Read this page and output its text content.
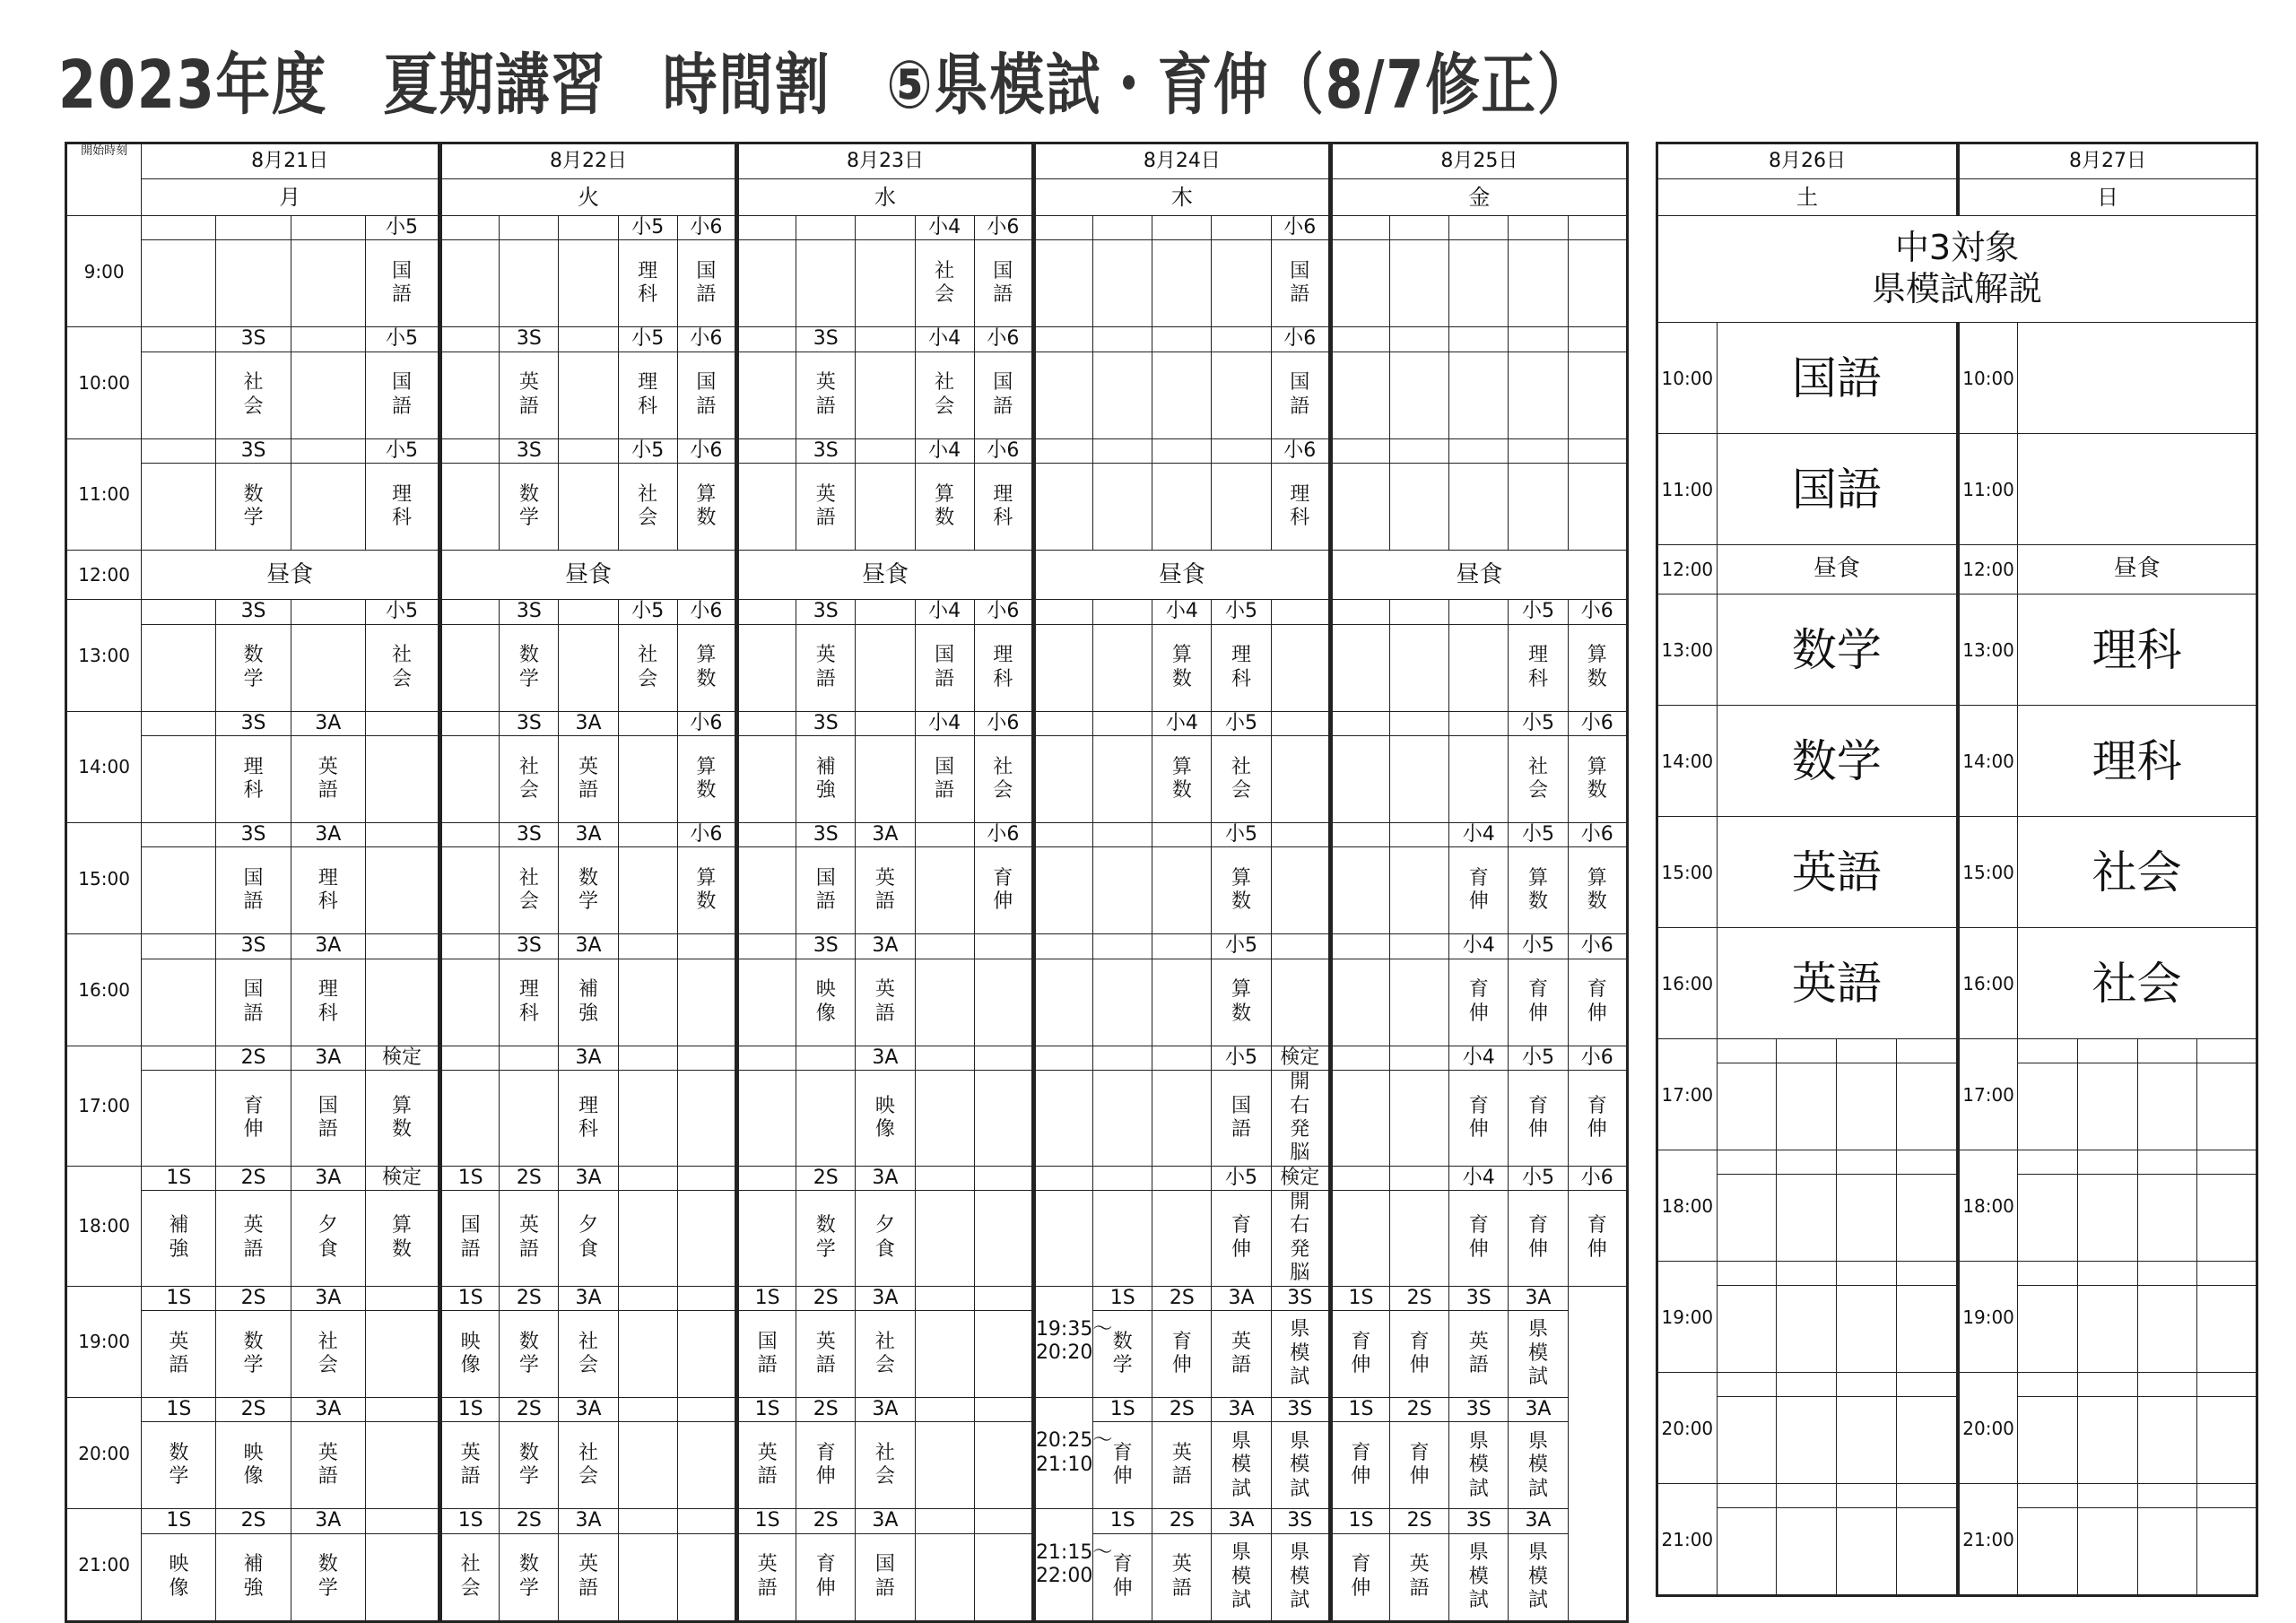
2023年度　夏期講習　時間割　⑤県模試・育伸（8/7修正）
開始時刻	8月21日				8月22日					8月23日					8月24日					8月25日				
	月				火					水					木					金				
9:00				小5				小5	小6				小4	小6					小6					
				国語				理科	国語				社会	国語					国語					
10:00		3S		小5		3S		小5	小6		3S		小4	小6					小6					
		社会		国語		英語		理科	国語		英語		社会	国語					国語					
11:00		3S		小5		3S		小5	小6		3S		小4	小6					小6					
		数学		理科		数学		社会	算数		英語		算数	理科					理科					
12:00	昼食				昼食					昼食					昼食					昼食				
13:00		3S		小5		3S		小5	小6		3S		小4	小6			小4	小5					小5	小6
		数学		社会		数学		社会	算数		英語		国語	理科			算数	理科					理科	算数
14:00		3S	3A			3S	3A		小6		3S		小4	小6			小4	小5					小5	小6
		理科	英語			社会	英語		算数		補強		国語	社会			算数	社会					社会	算数
15:00		3S	3A			3S	3A		小6		3S	3A		小6				小5				小4	小5	小6
		国語	理科			社会	数学		算数		国語	英語		育伸				算数				育伸	算数	算数
16:00		3S	3A			3S	3A				3S	3A						小5				小4	小5	小6
		国語	理科			理科	補強				映像	英語						算数				育伸	育伸	育伸
17:00		2S	3A	検定			3A					3A						小5	検定			小4	小5	小6
		育伸	国語	算数			理科					映像						国語	開右発脳			育伸	育伸	育伸
18:00	1S	2S	3A	検定	1S	2S	3A				2S	3A						小5	検定			小4	小5	小6
	補強	英語	夕食	算数	国語	英語	夕食				数学	夕食						育伸	開右発脳			育伸	育伸	育伸
19:00	1S	2S	3A		1S	2S	3A			1S	2S	3A			19:35〜20:20	1S	2S	3A	3S	1S	2S	3S	3A	
	英語	数学	社会		映像	数学	社会			国語	英語	社会				数学	育伸	英語	県模試	育伸	育伸	英語	県模試	
20:00	1S	2S	3A		1S	2S	3A			1S	2S	3A			20:25〜21:10	1S	2S	3A	3S	1S	2S	3S	3A	
	数学	映像	英語		英語	数学	社会			英語	育伸	社会				育伸	英語	県模試	県模試	育伸	育伸	県模試	県模試	
21:00	1S	2S	3A		1S	2S	3A			1S	2S	3A			21:15〜22:00	1S	2S	3A	3S	1S	2S	3S	3A	
	映像	補強	数学		社会	数学	英語			英語	育伸	国語				育伸	英語	県模試	県模試	育伸	英語	県模試	県模試	
8月26日					8月27日				
土					日				

中3対象
県模試解説									

10:00	国語				10:00				
11:00	国語				11:00				
12:00	昼食				12:00	昼食			
13:00	数学				13:00	理科			
14:00	数学				14:00	理科			
15:00	英語				15:00	社会			
16:00	英語				16:00	社会			
17:00					17:00				

18:00					18:00				

19:00					19:00				

20:00					20:00				

21:00					21:00				
